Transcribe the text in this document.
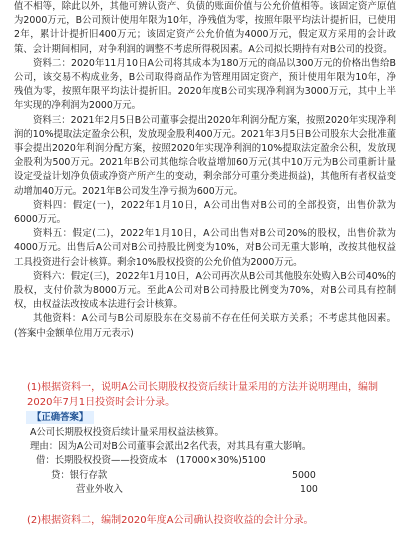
值不相等，除此以外，其他可辨认资产、负债的账面价值与公允价值相等。该固定资产原值为2000万元，B公司预计使用年限为10年，净残值为零，按照年限平均法计提折旧，已使用2年，累计计提折旧400万元；该固定资产公允价值为4000万元，假定双方采用的会计政策、会计期间相同，对争利润的调整不考虑所得税因素。A公司拟长期持有对B公司的投资。

资料二：2020年11月10日A公司将其成本为180万元的商品以300万元的价格出售给B公司，该交易不构成业务，B公司取得商品作为管理用固定资产，预计使用年限为10年，净残值为零，按照年限平均法计提折旧。2020年度B公司实现净利润为3000万元，其中上半年实现的净利润为2000万元。

资料三：2021年2月5日B公司董事会提出2020年利润分配方案，按照2020年实现净利润的10%提取法定盈余公积，发放现金股利400万元。2021年3月5日B公司股东大会批准董事会提出2020年利润分配方案，按照2020年实现净利润的10%提取法定盈余公积，发放现金股利为500万元。2021年B公司其他综合收益增加60万元(其中10万元为B公司重新计量设定受益计划净负债或净资产所产生的变动，剩余部分可重分类进损益)，其他所有者权益变动增加40万元。2021年B公司发生净亏损为600万元。

资料四：假定(一)，2022年1月10日，A公司出售对B公司的全部投资，出售价款为6000万元。

资料五：假定(二)，2022年1月10日，A公司出售对B公司20%的股权，出售价款为4000万元。出售后A公司对B公司持股比例变为10%，对B公司无重大影响，改按其他权益工具投资进行会计核算。剩余10%股权投资的公允价值为2000万元。

资料六：假定(三)，2022年1月10日，A公司再次从B公司其他股东处购入B公司40%的股权，支付价款为8000万元。至此A公司对B公司持股比例变为70%，对B公司具有控制权，由权益法改按成本法进行会计核算。

其他资料：A公司与B公司原股东在交易前不存在任何关联方关系；不考虑其他因素。(答案中金额单位用万元表示)

(1)根据资料一，说明A公司长期股权投资后续计量采用的方法并说明理由，编制2020年7月1日投资时会计分录。
【正确答案】

A公司长期股权投资后续计量采用权益法核算。

理由：因为A公司对B公司董事会派出2名代表，对其具有重大影响。

借：长期股权投资——投资成本 (17000×30%)5100
贷：银行存款	5000
营业外收入	100
(2)根据资料二，编制2020年度A公司确认投资收益的会计分录。
